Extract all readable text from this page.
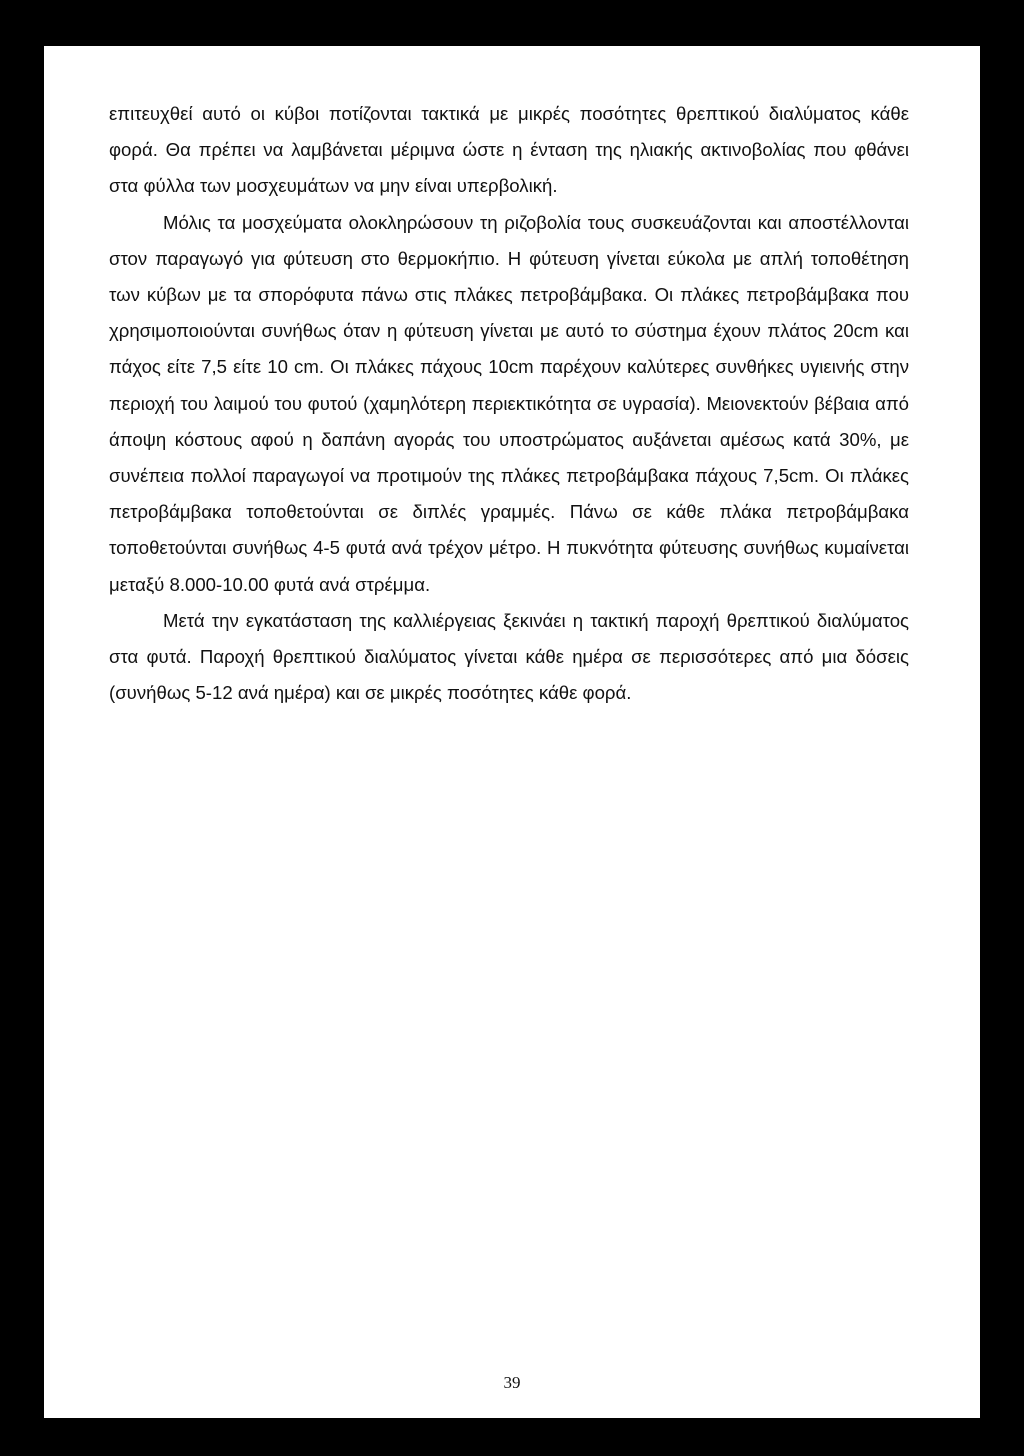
επιτευχθεί αυτό οι κύβοι ποτίζονται τακτικά με μικρές ποσότητες θρεπτικού διαλύματος κάθε φορά. Θα πρέπει να λαμβάνεται μέριμνα ώστε η ένταση της ηλιακής ακτινοβολίας που φθάνει στα φύλλα των μοσχευμάτων να μην είναι υπερβολική.

Μόλις τα μοσχεύματα ολοκληρώσουν τη ριζοβολία τους συσκευάζονται και αποστέλλονται στον παραγωγό για φύτευση στο θερμοκήπιο. Η φύτευση γίνεται εύκολα με απλή τοποθέτηση των κύβων με τα σπορόφυτα πάνω στις πλάκες πετροβάμβακα. Οι πλάκες πετροβάμβακα που χρησιμοποιούνται συνήθως όταν η φύτευση γίνεται με αυτό το σύστημα έχουν πλάτος 20cm και πάχος είτε 7,5 είτε 10 cm. Οι πλάκες πάχους 10cm παρέχουν καλύτερες συνθήκες υγιεινής στην περιοχή του λαιμού του φυτού (χαμηλότερη περιεκτικότητα σε υγρασία). Μειονεκτούν βέβαια από άποψη κόστους αφού η δαπάνη αγοράς του υποστρώματος αυξάνεται αμέσως κατά 30%, με συνέπεια πολλοί παραγωγοί να προτιμούν της πλάκες πετροβάμβακα πάχους 7,5cm. Οι πλάκες πετροβάμβακα τοποθετούνται σε διπλές γραμμές. Πάνω σε κάθε πλάκα πετροβάμβακα τοποθετούνται συνήθως 4-5 φυτά ανά τρέχον μέτρο. Η πυκνότητα φύτευσης συνήθως κυμαίνεται μεταξύ 8.000-10.00 φυτά ανά στρέμμα.

Μετά την εγκατάσταση της καλλιέργειας ξεκινάει η τακτική παροχή θρεπτικού διαλύματος στα φυτά. Παροχή θρεπτικού διαλύματος γίνεται κάθε ημέρα σε περισσότερες από μια δόσεις (συνήθως 5-12 ανά ημέρα) και σε μικρές ποσότητες κάθε φορά.

39
